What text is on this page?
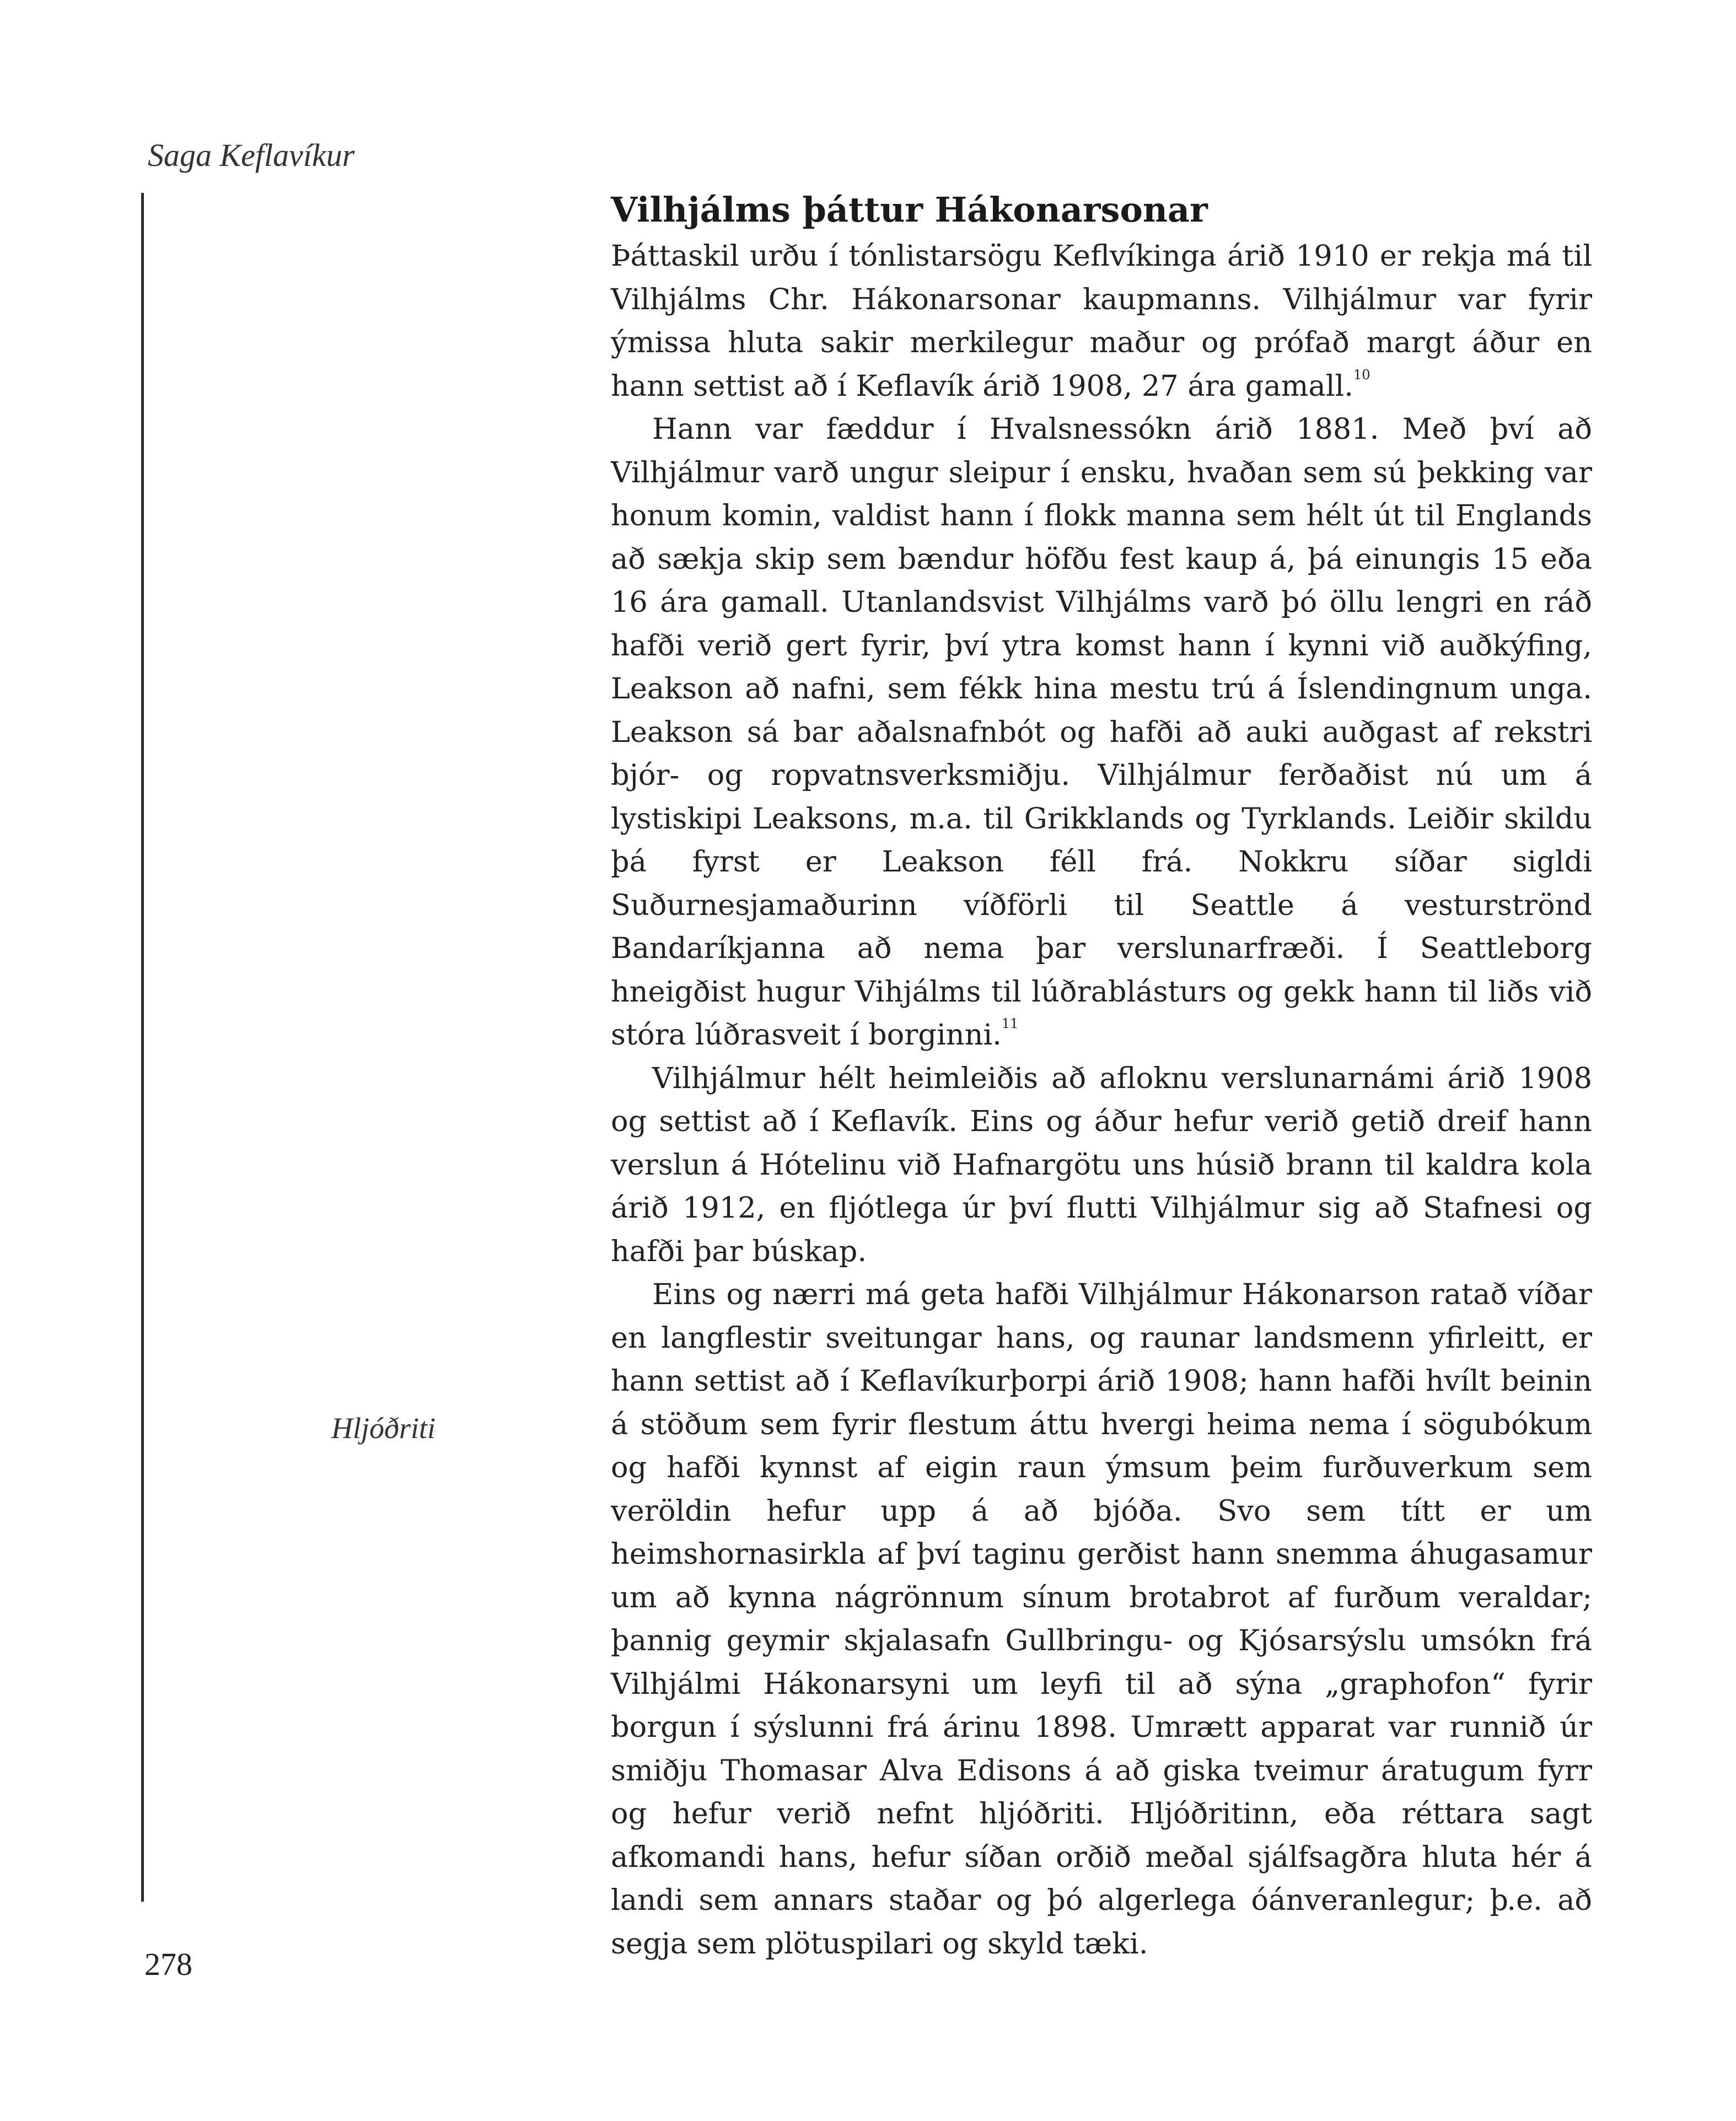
Saga Keflavíkur

Hljóðriti

Vilhjálms þáttur Hákonarsonar

Þáttaskil urðu í tónlistarsögu Keflvíkinga árið 1910 er rekja má til Vilhjálms Chr. Hákonarsonar kaupmanns. Vilhjálmur var fyrir ýmissa hluta sakir merkilegur maður og prófað margt áður en hann settist að í Keflavík árið 1908, 27 ára gamall.$^{10}$

Hann var fæddur í Hvalsnessókn árið 1881. Með því að Vilhjálmur varð ungur sleipur í ensku, hvaðan sem sú þekking var honum komin, valdist hann í flokk manna sem hélt út til Englands að sækja skip sem bændur höfðu fest kaup á, þá einungis 15 eða 16 ára gamall. Utanlandsvist Vilhjálms varð þó öllu lengri en ráð hafði verið gert fyrir, því ytra komst hann í kynni við auðkýfing, Leakson að nafni, sem fékk hina mestu trú á Íslendingnum unga. Leakson sá bar aðalsnafnbót og hafði að auki auðgast af rekstri bjór- og ropvatnsverksmiðju. Vilhjálmur ferðaðist nú um á lystiskipi Leaksons, m.a. til Grikklands og Tyrklands. Leiðir skildu þá fyrst er Leakson féll frá. Nokkru síðar sigldi Suðurnesjamaðurinn víðförli til Seattle á vesturströnd Bandaríkjanna að nema þar verslunarfræði. Í Seattleborg hneigðist hugur Vihjálms til lúðrablásturs og gekk hann til liðs við stóra lúðrasveit í borginni.$^{11}$

Vilhjálmur hélt heimleiðis að afloknu verslunarnámi árið 1908 og settist að í Keflavík. Eins og áður hefur verið getið dreif hann verslun á Hótelinu við Hafnargötu uns húsið brann til kaldra kola árið 1912, en fljótlega úr því flutti Vilhjálmur sig að Stafnesi og hafði þar búskap.

Eins og nærri má geta hafði Vilhjálmur Hákonarson ratað víðar en langflestir sveitungar hans, og raunar landsmenn yfirleitt, er hann settist að í Keflavíkurþorpi árið 1908; hann hafði hvílt beinin á stöðum sem fyrir flestum áttu hvergi heima nema í sögubókum og hafði kynnst af eigin raun ýmsum þeim furðuverkum sem veröldin hefur upp á að bjóða. Svo sem títt er um heimshornasirkla af því taginu gerðist hann snemma áhugasamur um að kynna nágrönnum sínum brotabrot af furðum veraldar; þannig geymir skjalasafn Gullbringu- og Kjósarsýslu umsókn frá Vilhjálmi Hákonarsyni um leyfi til að sýna „graphofon“ fyrir borgun í sýslunni frá árinu 1898. Umrætt apparat var runnið úr smiðju Thomasar Alva Edisons á að giska tveimur áratugum fyrr og hefur verið nefnt hljóðriti. Hljóðritinn, eða réttara sagt afkomandi hans, hefur síðan orðið meðal sjálfsagðra hluta hér á landi sem annars staðar og þó algerlega óánveranlegur; þ.e. að segja sem plötuspilari og skyld tæki.

278
